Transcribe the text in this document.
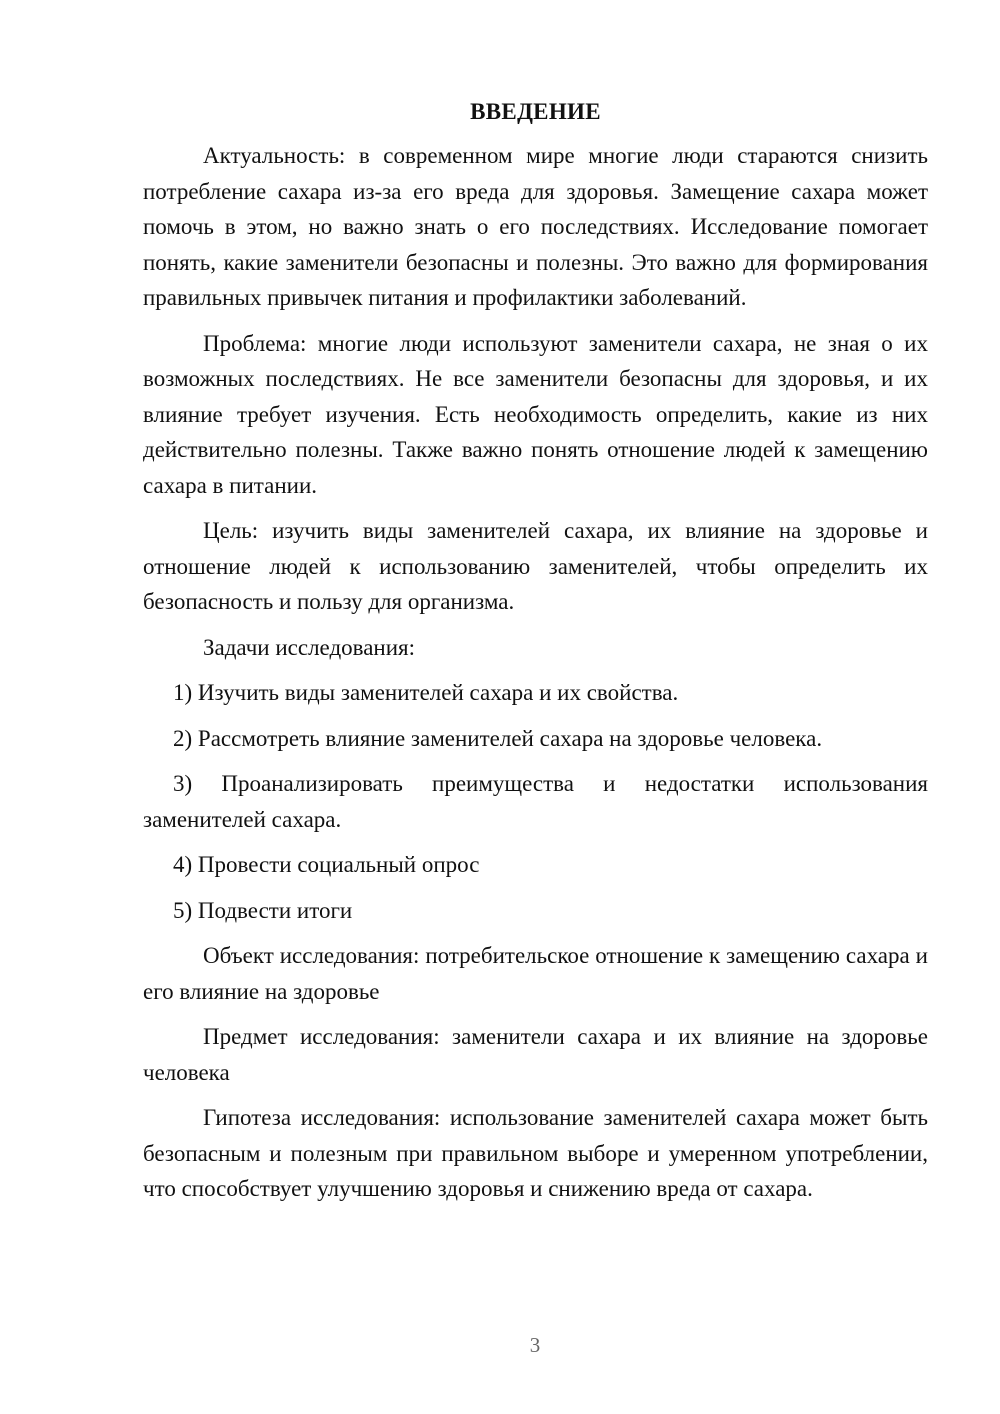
ВВЕДЕНИЕ

Актуальность: в современном мире многие люди стараются снизить потребление сахара из-за его вреда для здоровья. Замещение сахара может помочь в этом, но важно знать о его последствиях. Исследование помогает понять, какие заменители безопасны и полезны. Это важно для формирования правильных привычек питания и профилактики заболеваний.

Проблема: многие люди используют заменители сахара, не зная о их возможных последствиях. Не все заменители безопасны для здоровья, и их влияние требует изучения. Есть необходимость определить, какие из них действительно полезны. Также важно понять отношение людей к замещению сахара в питании.

Цель: изучить виды заменителей сахара, их влияние на здоровье и отношение людей к использованию заменителей, чтобы определить их безопасность и пользу для организма.

Задачи исследования:

1) Изучить виды заменителей сахара и их свойства.

2) Рассмотреть влияние заменителей сахара на здоровье человека.

3) Проанализировать преимущества и недостатки использования заменителей сахара.

4) Провести социальный опрос

5) Подвести итоги

Объект исследования: потребительское отношение к замещению сахара и его влияние на здоровье

Предмет исследования: заменители сахара и их влияние на здоровье человека

Гипотеза исследования: использование заменителей сахара может быть безопасным и полезным при правильном выборе и умеренном употреблении, что способствует улучшению здоровья и снижению вреда от сахара.

3
